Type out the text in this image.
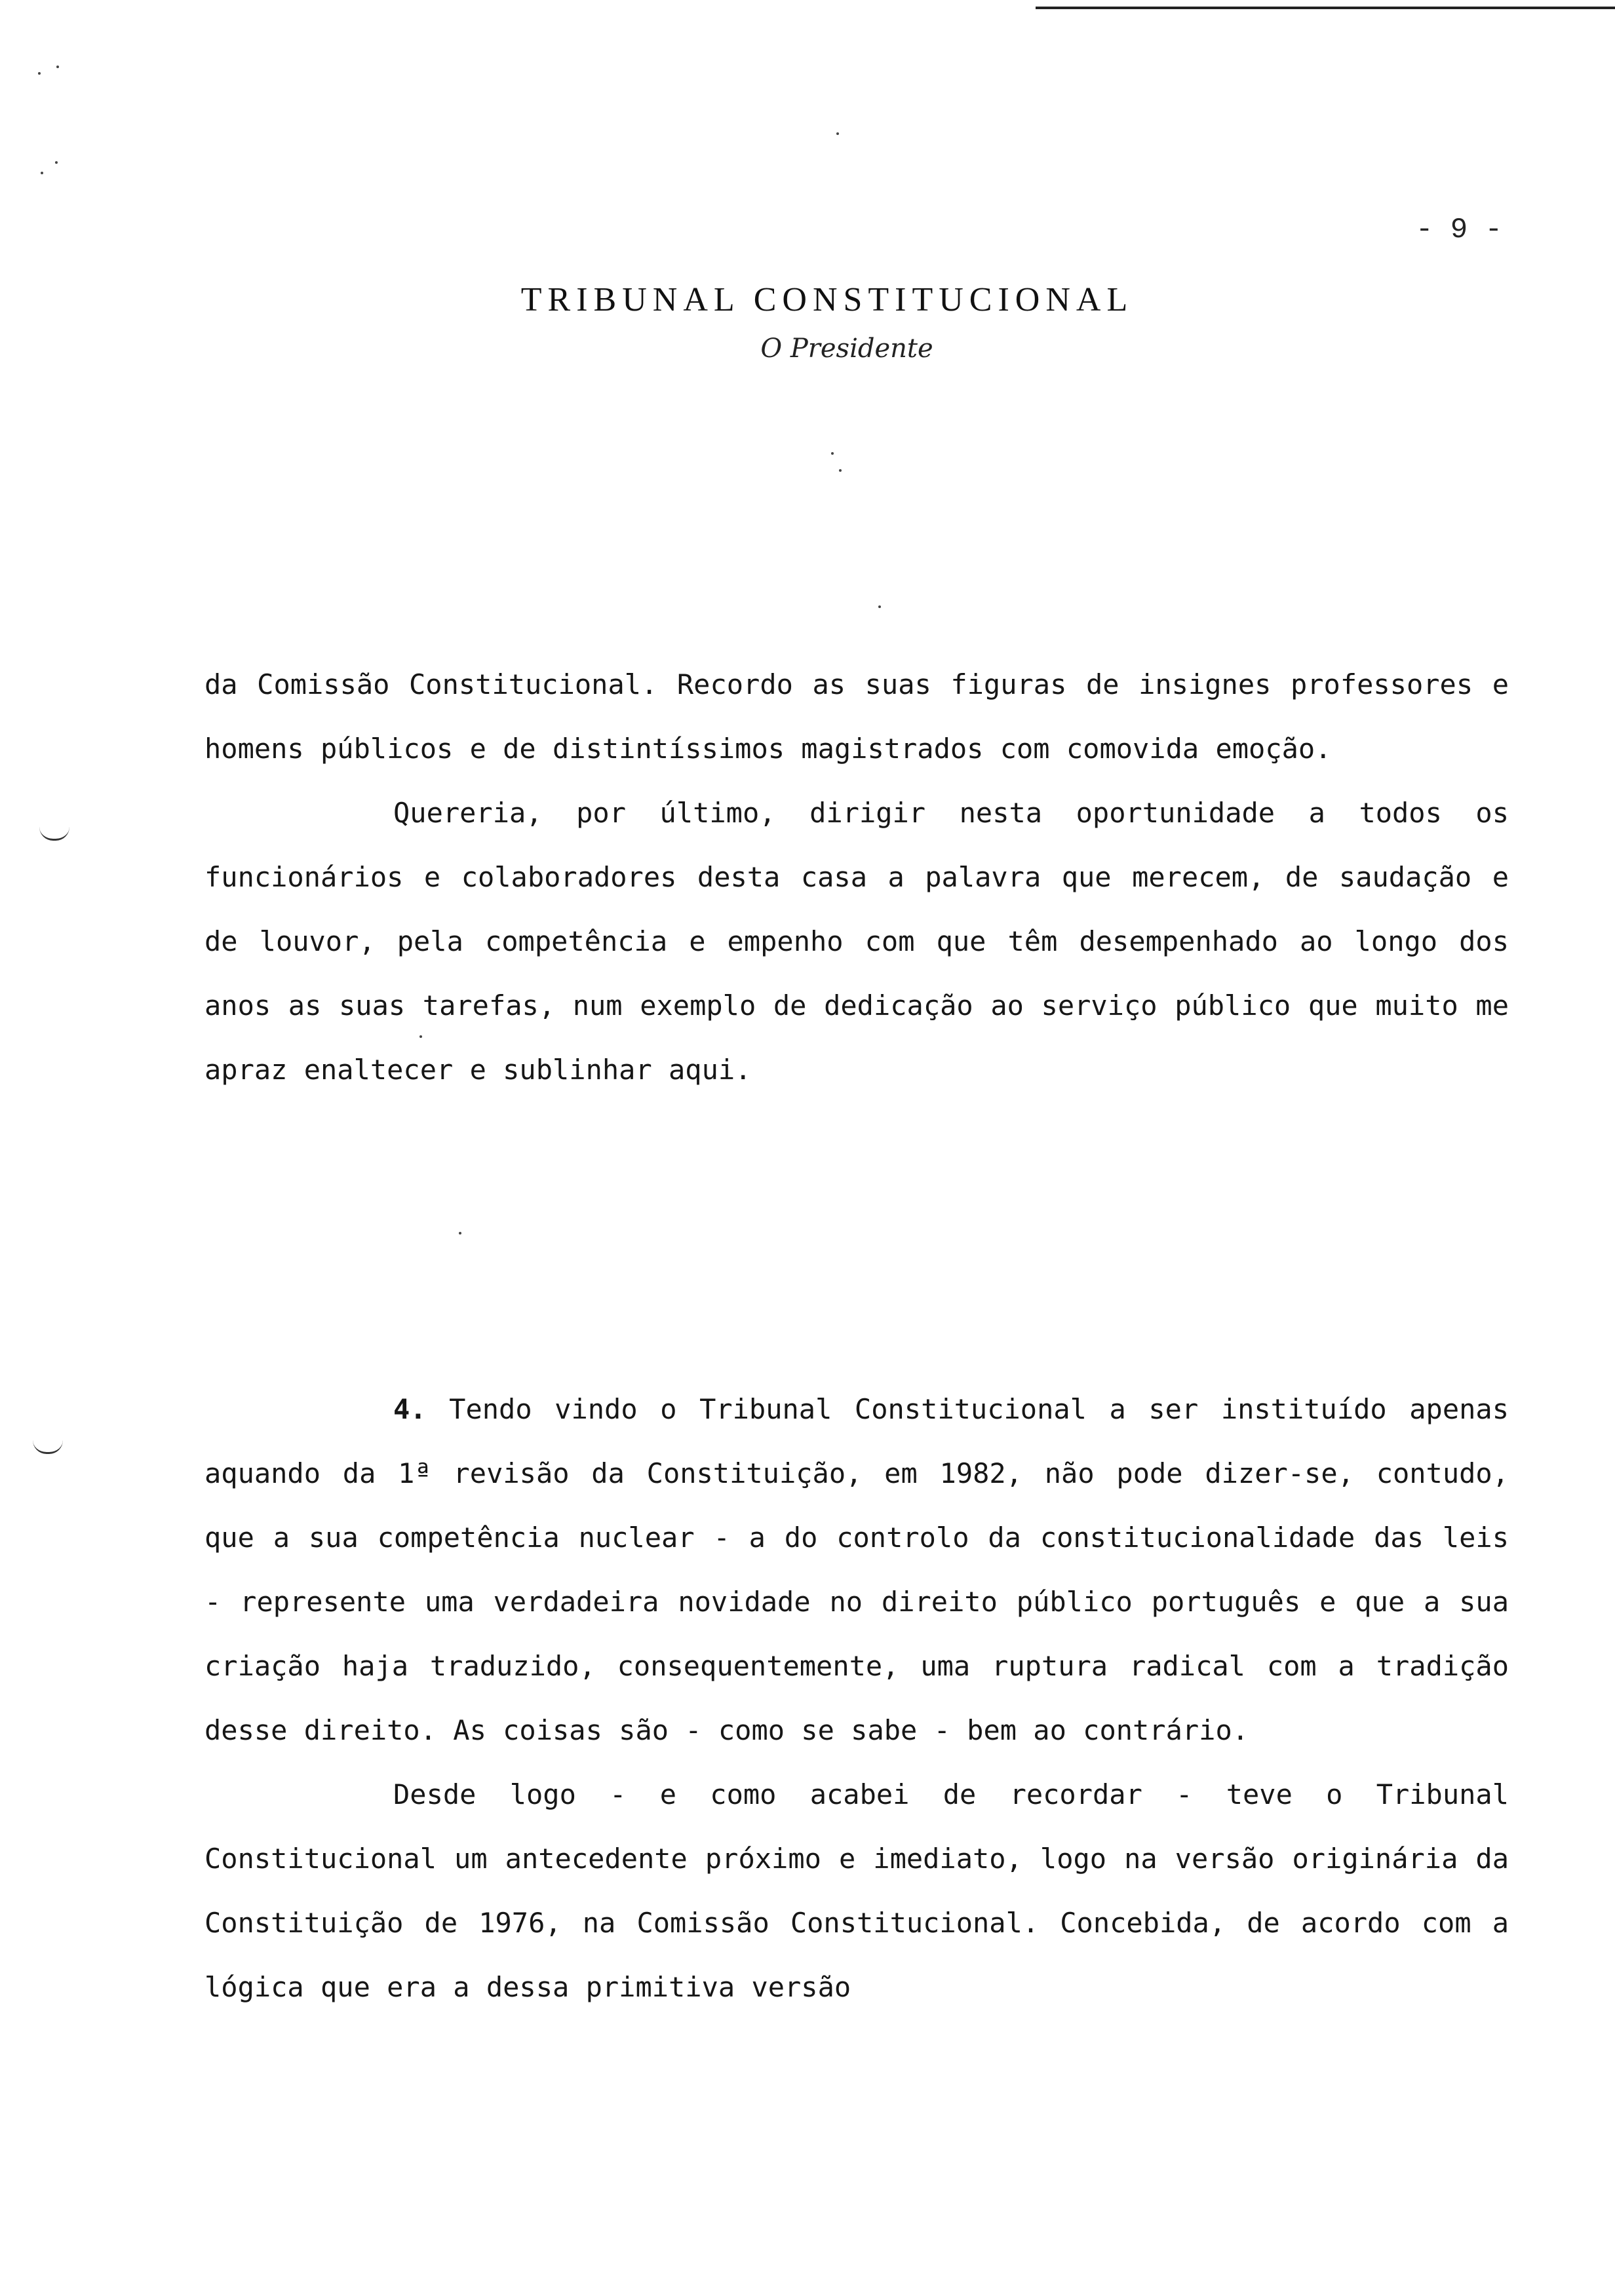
- 9 -
TRIBUNAL CONSTITUCIONAL
O Presidente

da Comissão Constitucional. Recordo as suas figuras de insignes professores e homens públicos e de distintíssimos magistrados com comovida emoção.

Quereria, por último, dirigir nesta oportunidade a todos os funcionários e colaboradores desta casa a palavra que merecem, de saudação e de louvor, pela competência e empenho com que têm desempenhado ao longo dos anos as suas tarefas, num exemplo de dedicação ao serviço público que muito me apraz enaltecer e sublinhar aqui.

4. Tendo vindo o Tribunal Constitucional a ser instituído apenas aquando da 1ª revisão da Constituição, em 1982, não pode dizer-se, contudo, que a sua competência nuclear - a do controlo da constitucionalidade das leis - represente uma verdadeira novidade no direito público português e que a sua criação haja traduzido, consequentemente, uma ruptura radical com a tradição desse direito. As coisas são - como se sabe - bem ao contrário.

Desde logo - e como acabei de recordar - teve o Tribunal Constitucional um antecedente próximo e imediato, logo na versão originária da Constituição de 1976, na Comissão Constitucional. Concebida, de acordo com a lógica que era a dessa primitiva versão
